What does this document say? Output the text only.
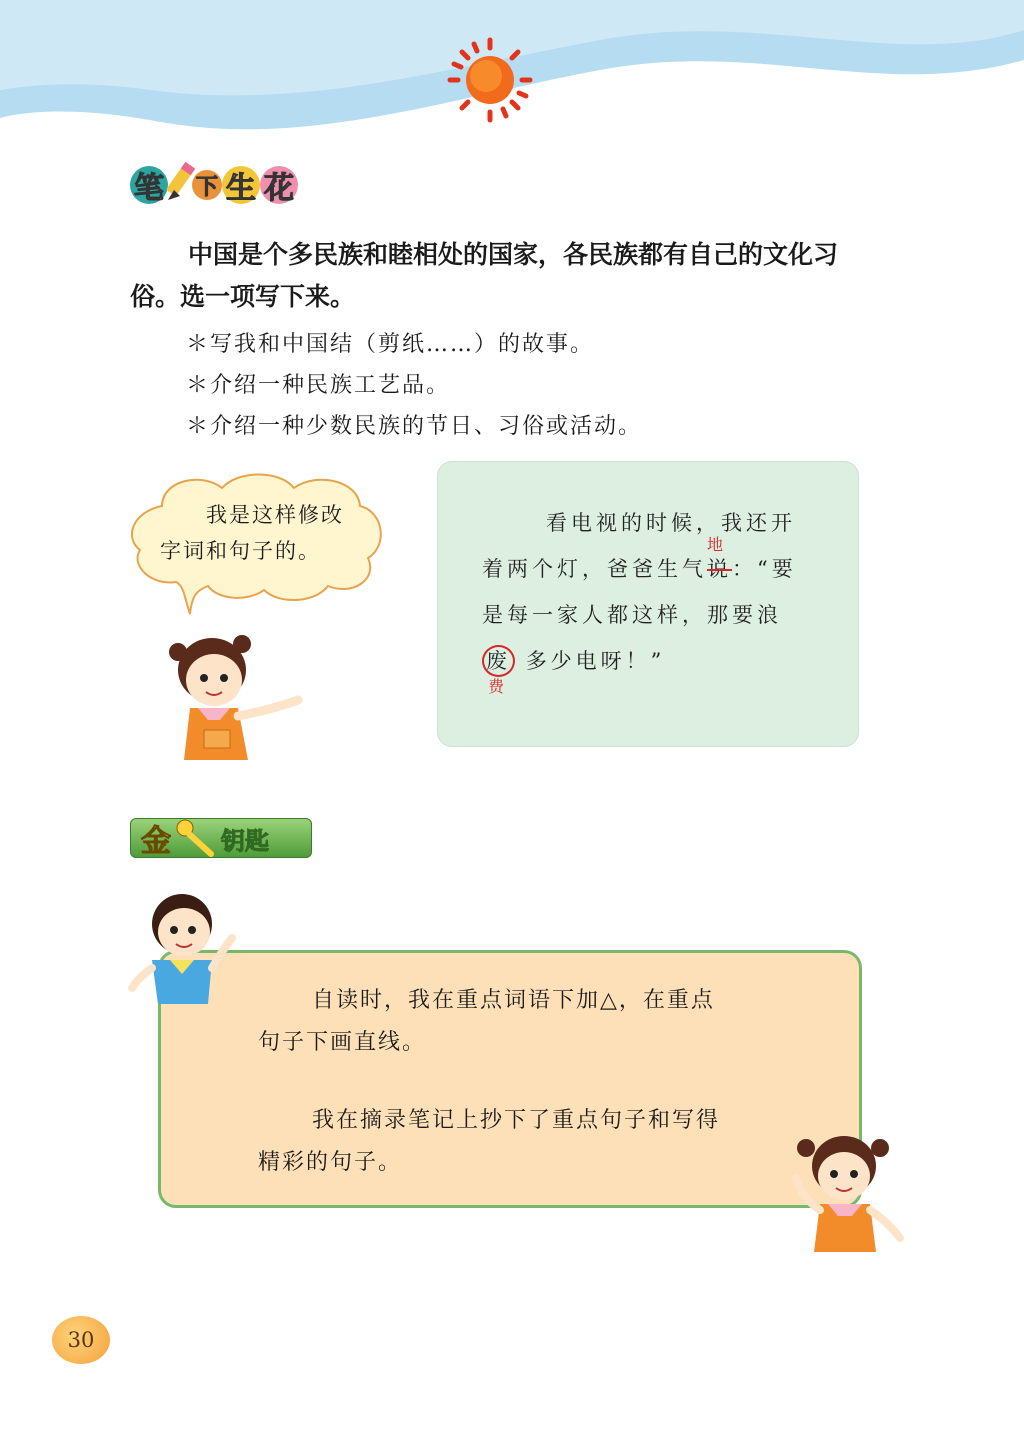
笔 下 生 花
中国是个多民族和睦相处的国家，各民族都有自己的文化习
俗。选一项写下来。
＊写我和中国结（剪纸……）的故事。
＊介绍一种民族工艺品。
＊介绍一种少数民族的节日、习俗或活动。
我是这样修改
字词和句子的。
看电视的时候，我还开
着两个灯，爸爸生气说
地
：“要
是每一家人都这样，那要浪
废
费
多少电呀！”
金 钥 匙
自读时，我在重点词语下加△，在重点
句子下画直线。
我在摘录笔记上抄下了重点句子和写得
精彩的句子。
30
